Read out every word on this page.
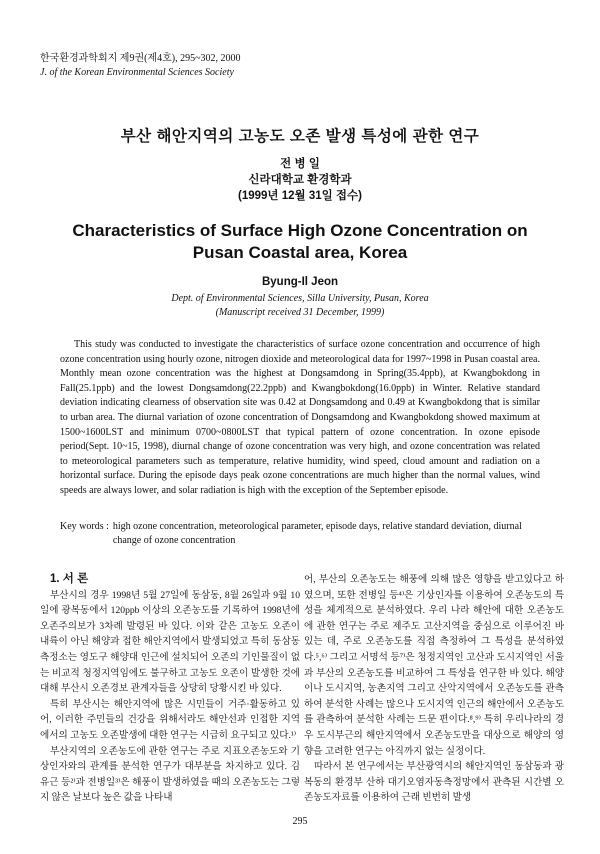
한국환경과학회지 제9권(제4호), 295~302, 2000
J. of the Korean Environmental Sciences Society
부산 해안지역의 고농도 오존 발생 특성에 관한 연구
전 병 일
신라대학교 환경학과
(1999년 12월 31일 접수)
Characteristics of Surface High Ozone Concentration on Pusan Coastal area, Korea
Byung-Il Jeon
Dept. of Environmental Sciences, Silla University, Pusan, Korea
(Manuscript received 31 December, 1999)

This study was conducted to investigate the characteristics of surface ozone concentration and occurrence of high ozone concentration using hourly ozone, nitrogen dioxide and meteorological data for 1997~1998 in Pusan coastal area. Monthly mean ozone concentration was the highest at Dongsamdong in Spring(35.4ppb), at Kwangbokdong in Fall(25.1ppb) and the lowest Dongsamdong(22.2ppb) and Kwangbokdong(16.0ppb) in Winter. Relative standard deviation indicating clearness of observation site was 0.42 at Dongsamdong and 0.49 at Kwangbokdong that is similar to urban area. The diurnal variation of ozone concentration of Dongsamdong and Kwangbokdong showed maximum at 1500~1600LST and minimum 0700~0800LST that typical pattern of ozone concentration. In ozone episode period(Sept. 10~15, 1998), diurnal change of ozone concentration was very high, and ozone concentration was related to meteorological parameters such as temperature, relative humidity, wind speed, cloud amount and radiation on a horizontal surface. During the episode days peak ozone concentrations are much higher than the normal values, wind speeds are always lower, and solar radiation is high with the exception of the September episode.

Key words : high ozone concentration, meteorological parameter, episode days, relative standard deviation, diurnal change of ozone concentration

1. 서 론

부산시의 경우 1998년 5월 27일에 동삼동, 8월 26일과 9월 10일에 광복동에서 120ppb 이상의 오존농도를 기록하여 1998년에 오존주의보가 3차례 발령된 바 있다. 이와 같은 고농도 오존이 내륙이 아닌 해양과 접한 해안지역에서 발생되었고 특히 동삼동 측정소는 영도구 해양대 인근에 설치되어 오존의 기인물질이 없는 비교적 청정지역임에도 불구하고 고농도 오존이 발생한 것에 대해 부산시 오존경보 관계자들을 상당히 당황시킨 바 있다.

특히 부산시는 해안지역에 많은 시민들이 거주·활동하고 있어, 이러한 주민들의 건강을 위해서라도 해안선과 인접한 지역에서의 고농도 오존발생에 대한 연구는 시급히 요구되고 있다.¹⁾

부산지역의 오존농도에 관한 연구는 주로 지표오존농도와 기상인자와의 관계를 분석한 연구가 대부분을 차지하고 있다. 김유근 등²⁾과 전병일³⁾은 해풍이 발생하였을 때의 오존농도는 그렇지 않은 날보다 높은 값을 나타내

어, 부산의 오존농도는 해풍에 의해 많은 영향을 받고있다고 하였으며, 또한 전병일 등⁴⁾은 기상인자를 이용하여 오존농도의 특성을 체계적으로 분석하였다. 우리 나라 해안에 대한 오존농도에 관한 연구는 주로 제주도 고산지역을 중심으로 이루어진 바 있는 데, 주로 오존농도를 직접 측정하여 그 특성을 분석하였다.⁵,⁶⁾ 그리고 서명석 등⁷⁾은 청정지역인 고산과 도시지역인 서울과 부산의 오존농도를 비교하여 그 특성을 연구한 바 있다. 해양이나 도시지역, 농촌지역 그리고 산악지역에서 오존농도를 관측하여 분석한 사례는 많으나 도시지역 인근의 해안에서 오존농도를 관측하여 분석한 사례는 드문 편이다.⁸,⁹⁾ 특히 우리나라의 경우 도시부근의 해안지역에서 오존농도만을 대상으로 해양의 영향을 고려한 연구는 아직까지 없는 실정이다.

따라서 본 연구에서는 부산광역시의 해안지역인 동삼동과 광복동의 환경부 산하 대기오염자동측정망에서 관측된 시간별 오존농도자료를 이용하여 근래 빈번히 발생

295
